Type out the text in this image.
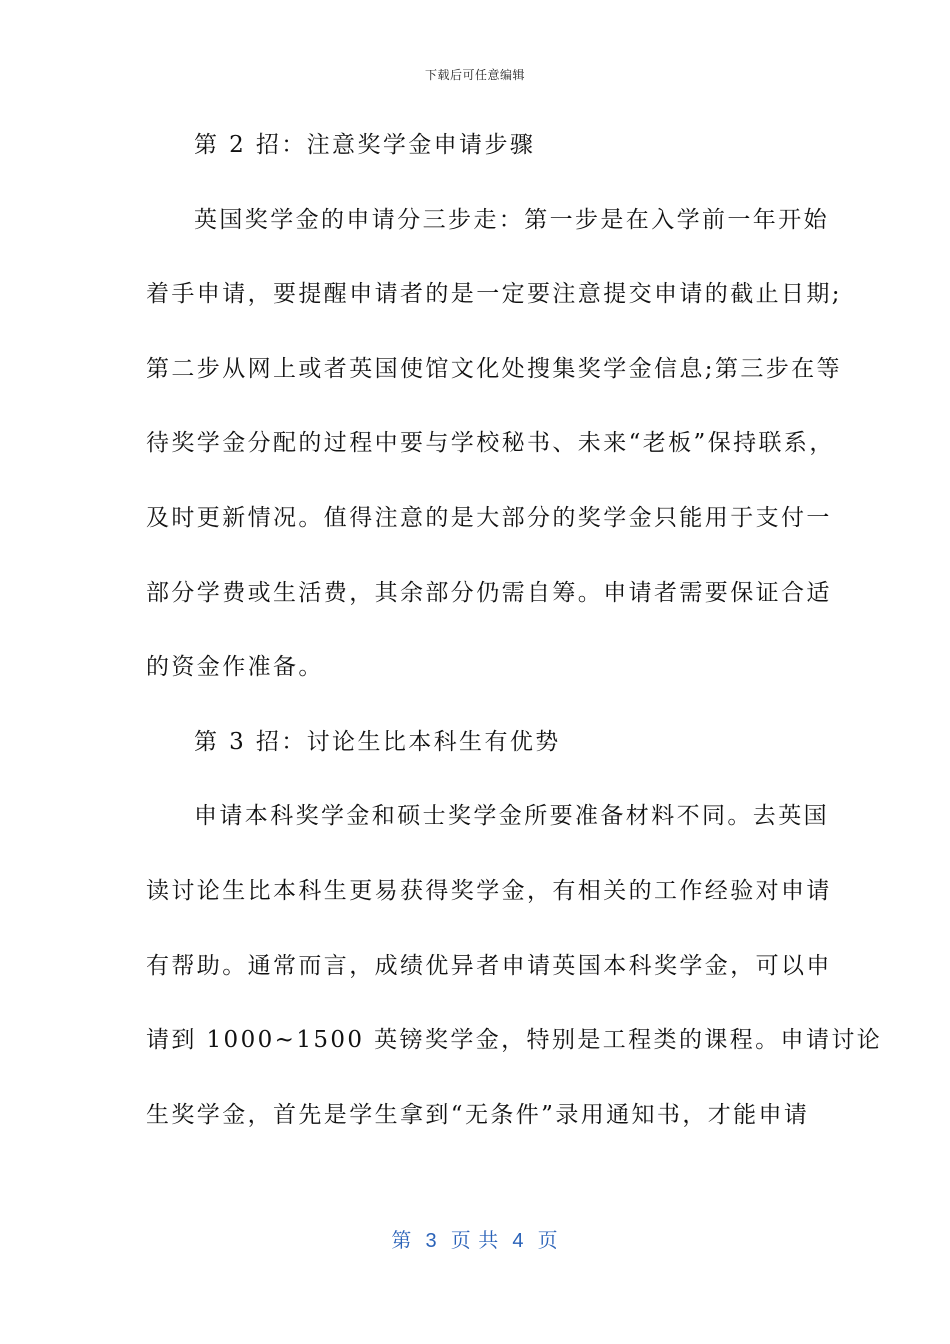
下载后可任意编辑
第 2 招：注意奖学金申请步骤
英国奖学金的申请分三步走：第一步是在入学前一年开始
着手申请，要提醒申请者的是一定要注意提交申请的截止日期;
第二步从网上或者英国使馆文化处搜集奖学金信息;第三步在等
待奖学金分配的过程中要与学校秘书、未来“老板”保持联系，
及时更新情况。值得注意的是大部分的奖学金只能用于支付一
部分学费或生活费，其余部分仍需自筹。申请者需要保证合适
的资金作准备。
第 3 招：讨论生比本科生有优势
申请本科奖学金和硕士奖学金所要准备材料不同。去英国
读讨论生比本科生更易获得奖学金，有相关的工作经验对申请
有帮助。通常而言，成绩优异者申请英国本科奖学金，可以申
请到 1000~1500 英镑奖学金，特别是工程类的课程。申请讨论
生奖学金，首先是学生拿到“无条件”录用通知书，才能申请
第  3  页 共  4  页
